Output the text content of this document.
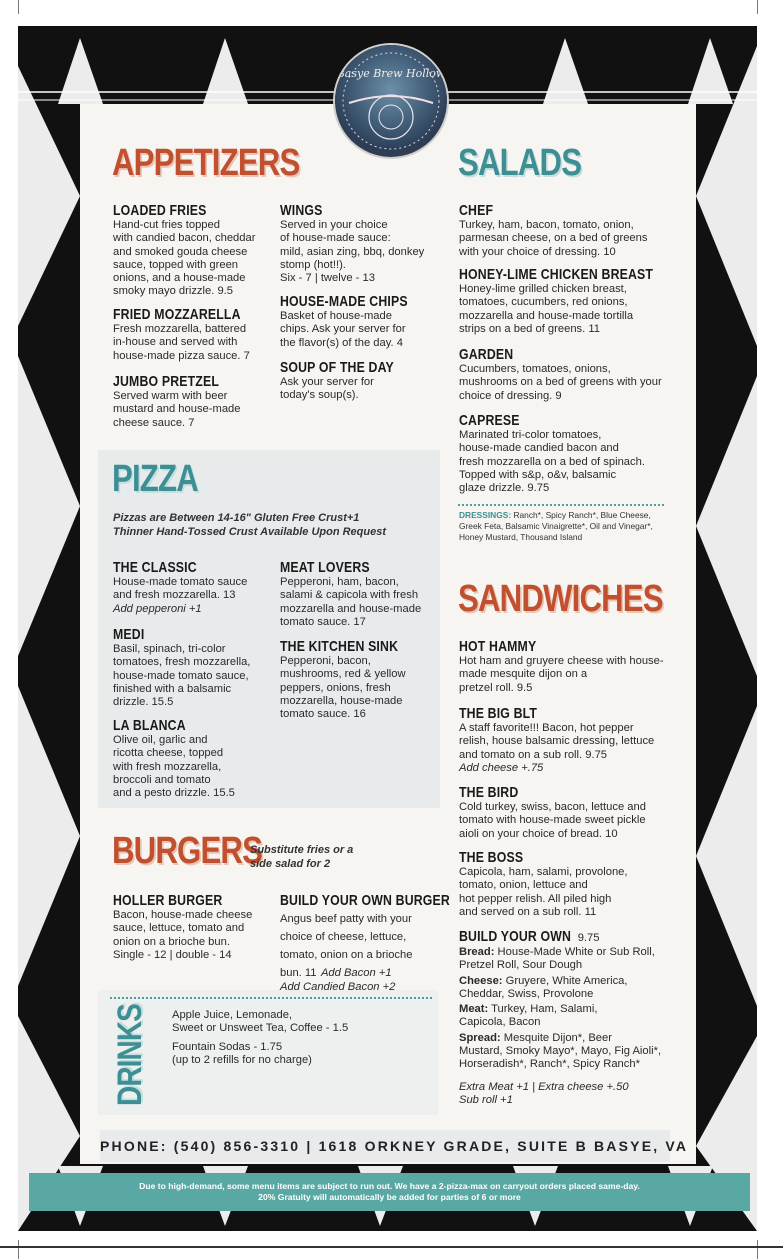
Basye Brew Hollow
APPETIZERS
LOADED FRIES
Hand-cut fries topped
with candied bacon, cheddar
and smoked gouda cheese
sauce, topped with green
onions, and a house-made
smoky mayo drizzle. 9.5
FRIED MOZZARELLA
Fresh mozzarella, battered
in-house and served with
house-made pizza sauce. 7
JUMBO PRETZEL
Served warm with beer
mustard and house-made
cheese sauce. 7
WINGS
Served in your choice
of house-made sauce:
mild, asian zing, bbq, donkey
stomp (hot!!).
Six - 7 | twelve - 13
HOUSE-MADE CHIPS
Basket of house-made
chips. Ask your server for
the flavor(s) of the day. 4
SOUP OF THE DAY
Ask your server for
today's soup(s).
PIZZA
Pizzas are Between 14-16" Gluten Free Crust+1
Thinner Hand-Tossed Crust Available Upon Request
THE CLASSIC
House-made tomato sauce
and fresh mozzarella. 13
Add pepperoni +1
MEDI
Basil, spinach, tri-color
tomatoes, fresh mozzarella,
house-made tomato sauce,
finished with a balsamic
drizzle. 15.5
LA BLANCA
Olive oil, garlic and
ricotta cheese, topped
with fresh mozzarella,
broccoli and tomato
and a pesto drizzle. 15.5
MEAT LOVERS
Pepperoni, ham, bacon,
salami & capicola with fresh
mozzarella and house-made
tomato sauce. 17
THE KITCHEN SINK
Pepperoni, bacon,
mushrooms, red & yellow
peppers, onions, fresh
mozzarella, house-made
tomato sauce. 16
BURGERS
Substitute fries or a
side salad for 2
HOLLER BURGER
Bacon, house-made cheese
sauce, lettuce, tomato and
onion on a brioche bun.
Single - 12 | double - 14
BUILD YOUR OWN BURGER
Angus beef patty with your
choice of cheese, lettuce,
tomato, onion on a brioche
bun. 11 Add Bacon +1
Add Candied Bacon +2
DRINKS Apple Juice, Lemonade,
Sweet or Unsweet Tea, Coffee - 1.5
Fountain Sodas - 1.75
(up to 2 refills for no charge)
SALADS
CHEF
Turkey, ham, bacon, tomato, onion,
parmesan cheese, on a bed of greens
with your choice of dressing. 10
HONEY-LIME CHICKEN BREAST
Honey-lime grilled chicken breast,
tomatoes, cucumbers, red onions,
mozzarella and house-made tortilla
strips on a bed of greens. 11
GARDEN
Cucumbers, tomatoes, onions,
mushrooms on a bed of greens with your
choice of dressing. 9
CAPRESE
Marinated tri-color tomatoes,
house-made candied bacon and
fresh mozzarella on a bed of spinach.
Topped with s&p, o&v, balsamic
glaze drizzle. 9.75
DRESSINGS: Ranch*, Spicy Ranch*, Blue Cheese,
Greek Feta, Balsamic Vinaigrette*, Oil and Vinegar*,
Honey Mustard, Thousand Island
SANDWICHES
HOT HAMMY
Hot ham and gruyere cheese with house-
made mesquite dijon on a
pretzel roll. 9.5
THE BIG BLT
A staff favorite!!! Bacon, hot pepper
relish, house balsamic dressing, lettuce
and tomato on a sub roll. 9.75
Add cheese +.75
THE BIRD
Cold turkey, swiss, bacon, lettuce and
tomato with house-made sweet pickle
aioli on your choice of bread. 10
THE BOSS
Capicola, ham, salami, provolone,
tomato, onion, lettuce and
hot pepper relish. All piled high
and served on a sub roll. 11
BUILD YOUR OWN 9.75
Bread: House-Made White or Sub Roll,
Pretzel Roll, Sour Dough
Cheese: Gruyere, White America,
Cheddar, Swiss, Provolone
Meat: Turkey, Ham, Salami,
Capicola, Bacon
Spread: Mesquite Dijon*, Beer
Mustard, Smoky Mayo*, Mayo, Fig Aioli*,
Horseradish*, Ranch*, Spicy Ranch*
Extra Meat +1 | Extra cheese +.50
Sub roll +1
PHONE: (540) 856-3310 | 1618 ORKNEY GRADE, SUITE B BASYE, VA
Due to high-demand, some menu items are subject to run out. We have a 2-pizza-max on carryout orders placed same-day.
20% Gratuity will automatically be added for parties of 6 or more
